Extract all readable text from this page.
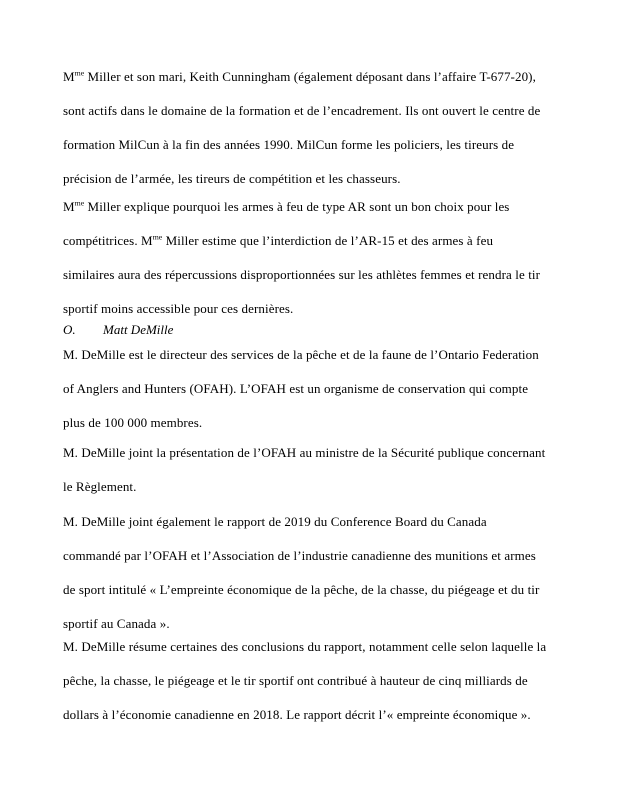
$M^{me}$ Miller et son mari, Keith Cunningham (également déposant dans l’affaire T-677-20),
sont actifs dans le domaine de la formation et de l’encadrement. Ils ont ouvert le centre de
formation MilCun à la fin des années 1990. MilCun forme les policiers, les tireurs de
précision de l’armée, les tireurs de compétition et les chasseurs.
$M^{me}$ Miller explique pourquoi les armes à feu de type AR sont un bon choix pour les
compétitrices. $M^{me}$ Miller estime que l’interdiction de l’AR-15 et des armes à feu
similaires aura des répercussions disproportionnées sur les athlètes femmes et rendra le tir
sportif moins accessible pour ces dernières.
O. Matt DeMille
M. DeMille est le directeur des services de la pêche et de la faune de l’Ontario Federation
of Anglers and Hunters (OFAH). L’OFAH est un organisme de conservation qui compte
plus de 100 000 membres.
M. DeMille joint la présentation de l’OFAH au ministre de la Sécurité publique concernant
le Règlement.
M. DeMille joint également le rapport de 2019 du Conference Board du Canada
commandé par l’OFAH et l’Association de l’industrie canadienne des munitions et armes
de sport intitulé « L’empreinte économique de la pêche, de la chasse, du piégeage et du tir
sportif au Canada ».
M. DeMille résume certaines des conclusions du rapport, notamment celle selon laquelle la
pêche, la chasse, le piégeage et le tir sportif ont contribué à hauteur de cinq milliards de
dollars à l’économie canadienne en 2018. Le rapport décrit l’« empreinte économique ».
